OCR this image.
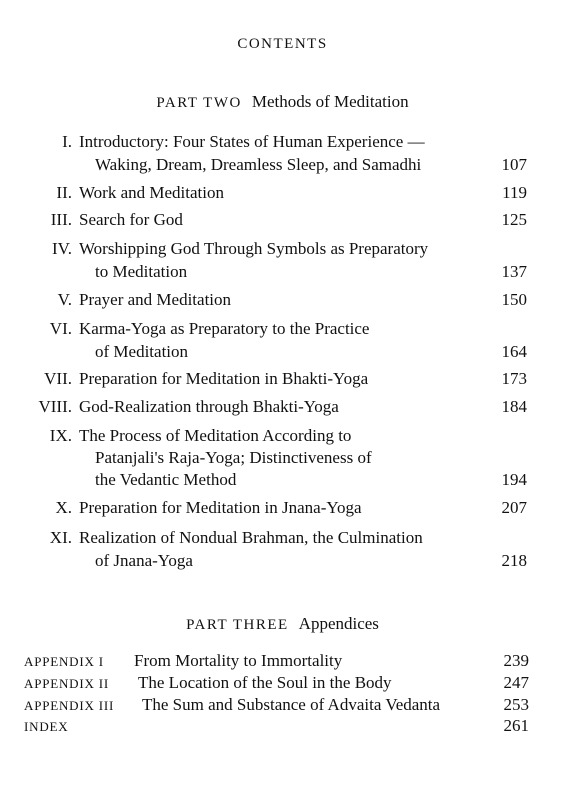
CONTENTS
PART TWO Methods of Meditation
I. Introductory: Four States of Human Experience —
Waking, Dream, Dreamless Sleep, and Samadhi	107
II. Work and Meditation	119
III. Search for God	125
IV. Worshipping God Through Symbols as Preparatory
to Meditation	137
V. Prayer and Meditation	150
VI. Karma-Yoga as Preparatory to the Practice
of Meditation	164
VII. Preparation for Meditation in Bhakti-Yoga	173
VIII. God-Realization through Bhakti-Yoga	184
IX. The Process of Meditation According to
Patanjali's Raja-Yoga; Distinctiveness of
the Vedantic Method	194
X. Preparation for Meditation in Jnana-Yoga	207
XI. Realization of Nondual Brahman, the Culmination
of Jnana-Yoga	218
PART THREE Appendices
APPENDIX I From Mortality to Immortality	239
APPENDIX II The Location of the Soul in the Body	247
APPENDIX III The Sum and Substance of Advaita Vedanta	253
INDEX	261
